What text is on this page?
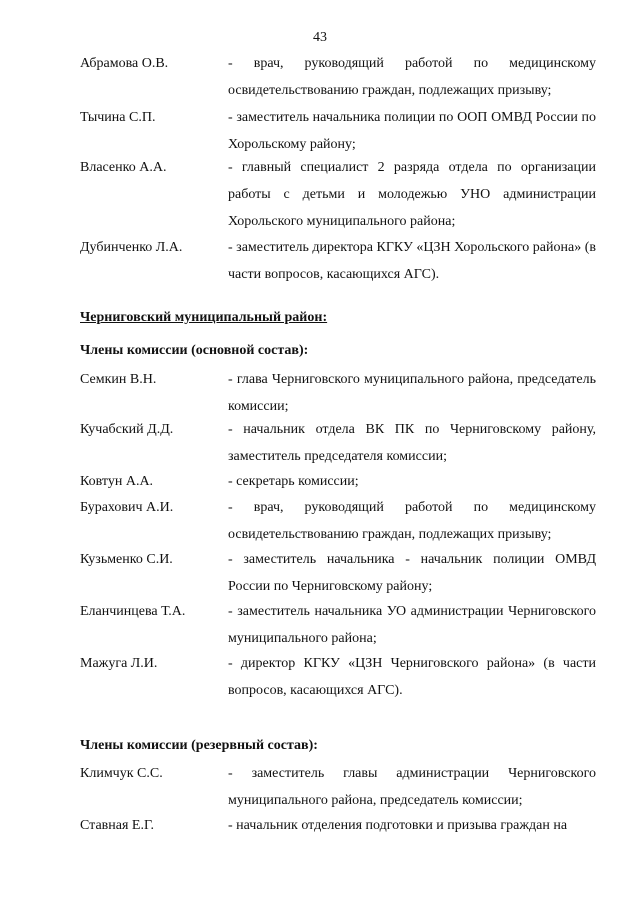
43
Абрамова О.В.	- врач, руководящий работой по медицинскому освидетельствованию граждан, подлежащих призыву;
Тычина С.П.	- заместитель начальника полиции по ООП ОМВД России по Хорольскому району;
Власенко А.А.	- главный специалист 2 разряда отдела по организации работы с детьми и молодежью УНО администрации Хорольского муниципального района;
Дубинченко Л.А.	- заместитель директора КГКУ «ЦЗН Хорольского района» (в части вопросов, касающихся АГС).
Черниговский муниципальный район:
Члены комиссии (основной состав):
Семкин В.Н.	- глава Черниговского муниципального района, председатель комиссии;
Кучабский Д.Д.	- начальник отдела ВК ПК по Черниговскому району, заместитель председателя комиссии;
Ковтун А.А.	- секретарь комиссии;
Бурахович А.И.	- врач, руководящий работой по медицинскому освидетельствованию граждан, подлежащих призыву;
Кузьменко С.И.	- заместитель начальника - начальник полиции ОМВД России по Черниговскому району;
Еланчинцева Т.А.	- заместитель начальника УО администрации Черниговского муниципального района;
Мажуга Л.И.	- директор КГКУ «ЦЗН Черниговского района» (в части вопросов, касающихся АГС).
Члены комиссии (резервный состав):
Климчук С.С.	- заместитель главы администрации Черниговского муниципального района, председатель комиссии;
Ставная Е.Г.	- начальник отделения подготовки и призыва граждан на
